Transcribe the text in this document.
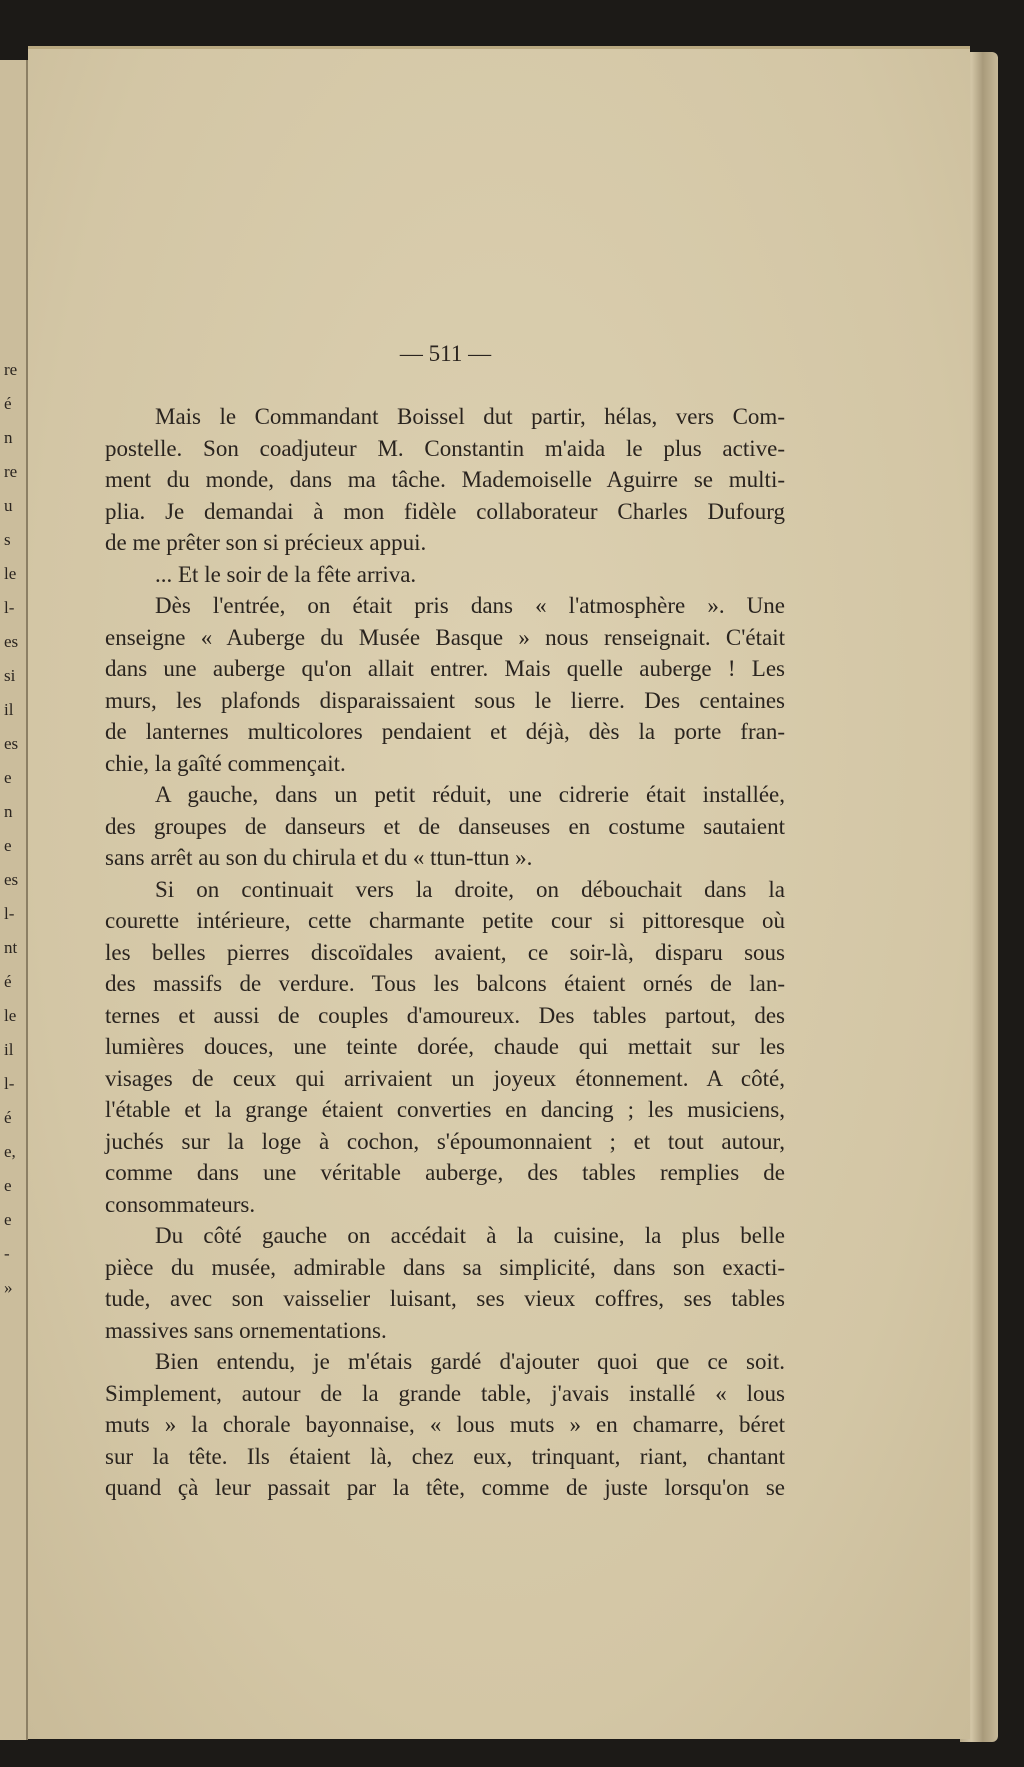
re
é
n
re
u
s
le
l-
es
si
il
es
e
n
e
es
l-
nt
é
le
il
l-
é
e,
e
e
-
»
— 511 —
Mais le Commandant Boissel dut partir, hélas, vers Com-
postelle. Son coadjuteur M. Constantin m'aida le plus active-
ment du monde, dans ma tâche. Mademoiselle Aguirre se multi-
plia. Je demandai à mon fidèle collaborateur Charles Dufourg
de me prêter son si précieux appui.
... Et le soir de la fête arriva.
Dès l'entrée, on était pris dans « l'atmosphère ». Une
enseigne « Auberge du Musée Basque » nous renseignait. C'était
dans une auberge qu'on allait entrer. Mais quelle auberge ! Les
murs, les plafonds disparaissaient sous le lierre. Des centaines
de lanternes multicolores pendaient et déjà, dès la porte fran-
chie, la gaîté commençait.
A gauche, dans un petit réduit, une cidrerie était installée,
des groupes de danseurs et de danseuses en costume sautaient
sans arrêt au son du chirula et du « ttun-ttun ».
Si on continuait vers la droite, on débouchait dans la
courette intérieure, cette charmante petite cour si pittoresque où
les belles pierres discoïdales avaient, ce soir-là, disparu sous
des massifs de verdure. Tous les balcons étaient ornés de lan-
ternes et aussi de couples d'amoureux. Des tables partout, des
lumières douces, une teinte dorée, chaude qui mettait sur les
visages de ceux qui arrivaient un joyeux étonnement. A côté,
l'étable et la grange étaient converties en dancing ; les musiciens,
juchés sur la loge à cochon, s'époumonnaient ; et tout autour,
comme dans une véritable auberge, des tables remplies de
consommateurs.
Du côté gauche on accédait à la cuisine, la plus belle
pièce du musée, admirable dans sa simplicité, dans son exacti-
tude, avec son vaisselier luisant, ses vieux coffres, ses tables
massives sans ornementations.
Bien entendu, je m'étais gardé d'ajouter quoi que ce soit.
Simplement, autour de la grande table, j'avais installé « lous
muts » la chorale bayonnaise, « lous muts » en chamarre, béret
sur la tête. Ils étaient là, chez eux, trinquant, riant, chantant
quand çà leur passait par la tête, comme de juste lorsqu'on se
